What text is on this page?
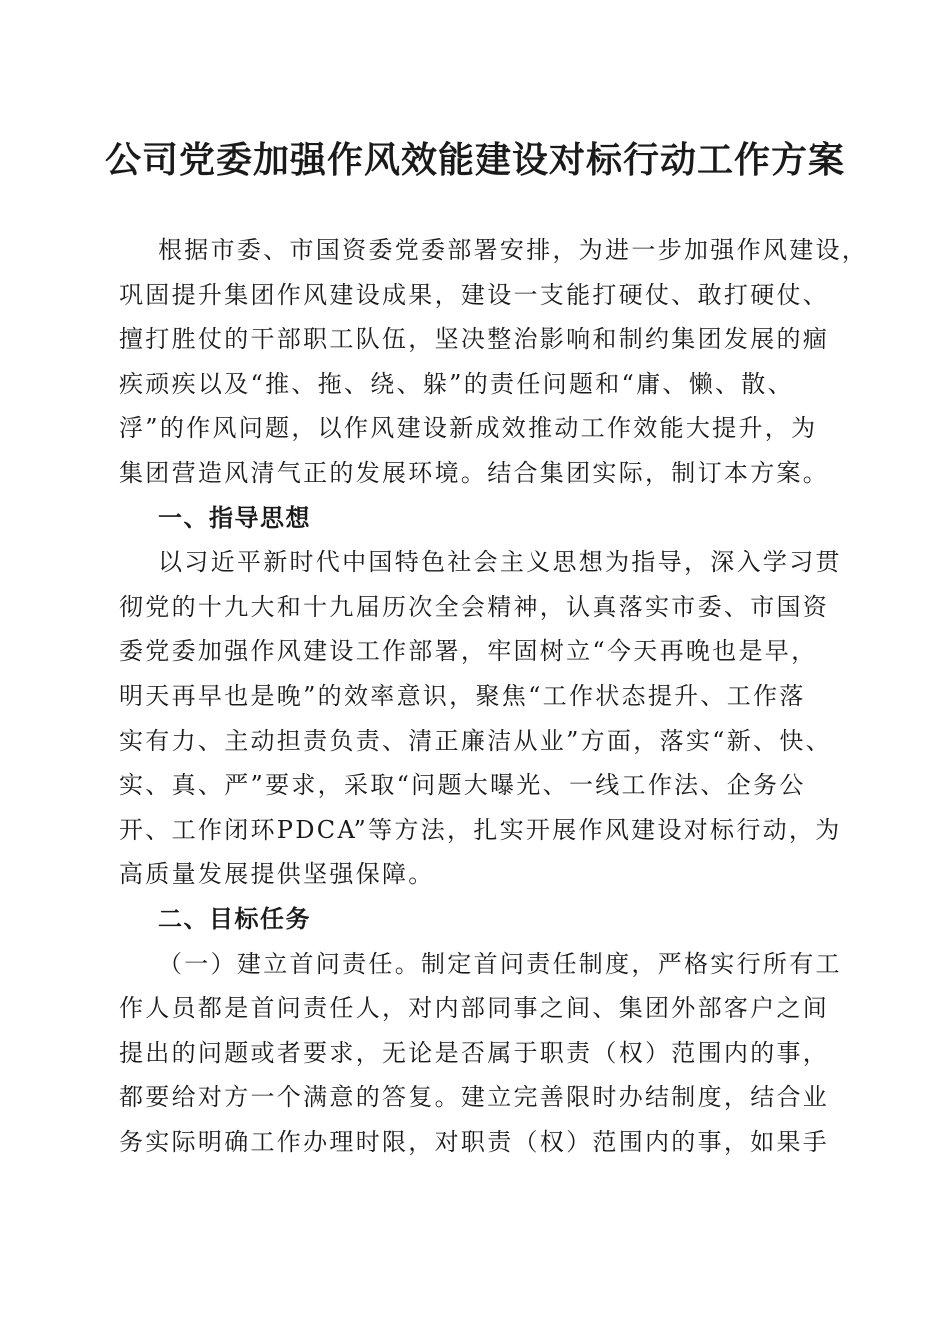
公司党委加强作风效能建设对标行动工作方案
根据市委、市国资委党委部署安排，为进一步加强作风建设，
巩固提升集团作风建设成果，建设一支能打硬仗、敢打硬仗、
擅打胜仗的干部职工队伍，坚决整治影响和制约集团发展的痼
疾顽疾以及“推、拖、绕、躲”的责任问题和“庸、懒、散、
浮”的作风问题，以作风建设新成效推动工作效能大提升，为
集团营造风清气正的发展环境。结合集团实际，制订本方案。
一、指导思想
以习近平新时代中国特色社会主义思想为指导，深入学习贯
彻党的十九大和十九届历次全会精神，认真落实市委、市国资
委党委加强作风建设工作部署，牢固树立“今天再晚也是早，
明天再早也是晚”的效率意识，聚焦“工作状态提升、工作落
实有力、主动担责负责、清正廉洁从业”方面，落实“新、快、
实、真、严”要求，采取“问题大曝光、一线工作法、企务公
开、工作闭环PDCA”等方法，扎实开展作风建设对标行动，为
高质量发展提供坚强保障。
二、目标任务
（一）建立首问责任。制定首问责任制度，严格实行所有工
作人员都是首问责任人，对内部同事之间、集团外部客户之间
提出的问题或者要求，无论是否属于职责（权）范围内的事，
都要给对方一个满意的答复。建立完善限时办结制度，结合业
务实际明确工作办理时限，对职责（权）范围内的事，如果手
